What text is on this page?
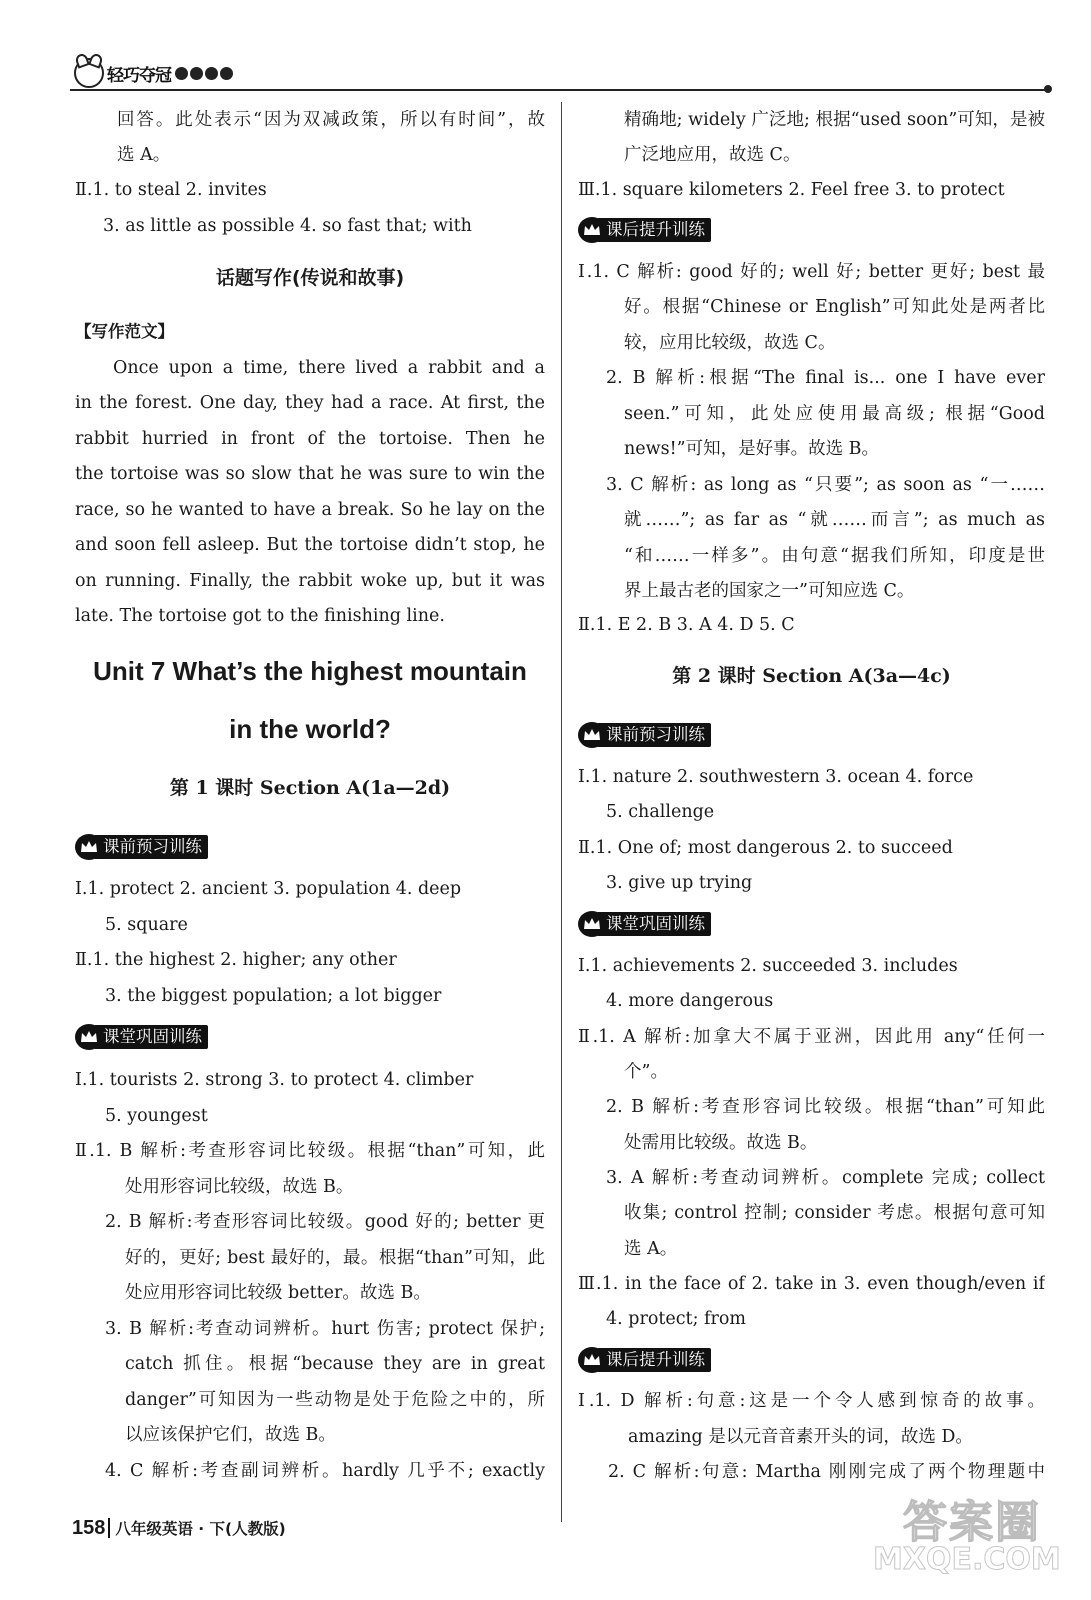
轻巧夺冠
回答。此处表示“因为双减政策，所以有时间”，故
选 A。
Ⅱ.1. to steal 2. invites
3. as little as possible 4. so fast that; with
话题写作(传说和故事)
【写作范文】
Once upon a time, there lived a rabbit and a
in the forest. One day, they had a race. At first, the
rabbit hurried in front of the tortoise. Then he
the tortoise was so slow that he was sure to win the
race, so he wanted to have a break. So he lay on the
and soon fell asleep. But the tortoise didn’t stop, he
on running. Finally, the rabbit woke up, but it was
late. The tortoise got to the finishing line.
Unit 7 What’s the highest mountain
in the world?
第 1 课时 Section A(1a—2d)
课前预习训练
Ⅰ.1. protect 2. ancient 3. population 4. deep
5. square
Ⅱ.1. the highest 2. higher; any other
3. the biggest population; a lot bigger
课堂巩固训练
Ⅰ.1. tourists 2. strong 3. to protect 4. climber
5. youngest
Ⅱ.1. B 解析:考查形容词比较级。根据“than”可知，此
处用形容词比较级，故选 B。
2. B 解析:考查形容词比较级。good 好的; better 更
好的，更好; best 最好的，最。根据“than”可知，此
处应用形容词比较级 better。故选 B。
3. B 解析:考查动词辨析。hurt 伤害; protect 保护;
catch 抓住。根据“because they are in great
danger”可知因为一些动物是处于危险之中的，所
以应该保护它们，故选 B。
4. C 解析:考查副词辨析。hardly 几乎不; exactly
精确地; widely 广泛地; 根据“used soon”可知，是被
广泛地应用，故选 C。
Ⅲ.1. square kilometers 2. Feel free 3. to protect
课后提升训练
Ⅰ.1. C 解析: good 好的; well 好; better 更好; best 最
好。根据“Chinese or English”可知此处是两者比
较，应用比较级，故选 C。
2. B 解析:根据“The final is... one I have ever
seen.”可知，此处应使用最高级; 根据“Good
news!”可知，是好事。故选 B。
3. C 解析: as long as “只要”; as soon as “一……
就……”; as far as “就……而言”; as much as
“和……一样多”。由句意“据我们所知，印度是世
界上最古老的国家之一”可知应选 C。
Ⅱ.1. E 2. B 3. A 4. D 5. C
第 2 课时 Section A(3a—4c)
课前预习训练
Ⅰ.1. nature 2. southwestern 3. ocean 4. force
5. challenge
Ⅱ.1. One of; most dangerous 2. to succeed
3. give up trying
课堂巩固训练
Ⅰ.1. achievements 2. succeeded 3. includes
4. more dangerous
Ⅱ.1. A 解析:加拿大不属于亚洲，因此用 any“任何一
个”。
2. B 解析:考查形容词比较级。根据“than”可知此
处需用比较级。故选 B。
3. A 解析:考查动词辨析。complete 完成; collect
收集; control 控制; consider 考虑。根据句意可知
选 A。
Ⅲ.1. in the face of 2. take in 3. even though/even if
4. protect; from
课后提升训练
Ⅰ.1. D 解析:句意:这是一个令人感到惊奇的故事。
amazing 是以元音音素开头的词，故选 D。
2. C 解析:句意: Martha 刚刚完成了两个物理题中
158 八年级英语 · 下(人教版)	答案圈
MXQE.COM
